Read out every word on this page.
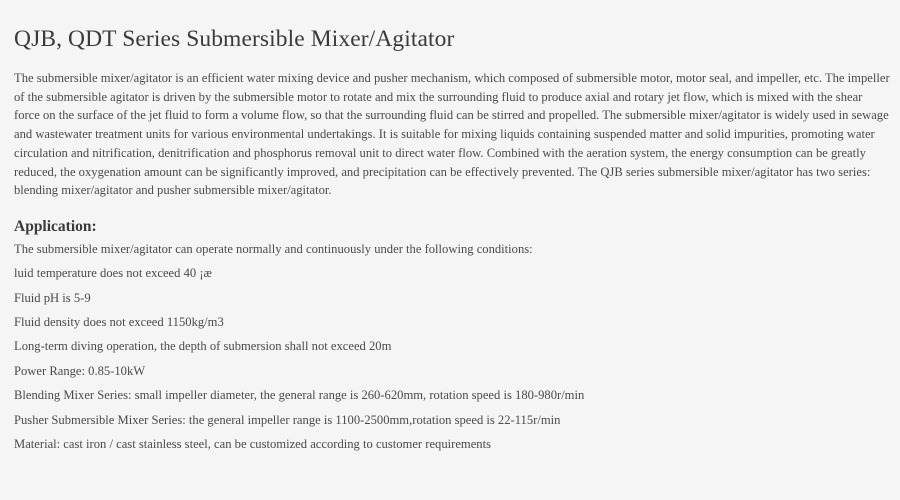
QJB, QDT Series Submersible Mixer/Agitator

The submersible mixer/agitator is an efficient water mixing device and pusher mechanism, which composed of submersible motor, motor seal, and impeller, etc. The impeller of the submersible agitator is driven by the submersible motor to rotate and mix the surrounding fluid to produce axial and rotary jet flow, which is mixed with the shear force on the surface of the jet fluid to form a volume flow, so that the surrounding fluid can be stirred and propelled. The submersible mixer/agitator is widely used in sewage and wastewater treatment units for various environmental undertakings. It is suitable for mixing liquids containing suspended matter and solid impurities, promoting water circulation and nitrification, denitrification and phosphorus removal unit to direct water flow. Combined with the aeration system, the energy consumption can be greatly reduced, the oxygenation amount can be significantly improved, and precipitation can be effectively prevented. The QJB series submersible mixer/agitator has two series: blending mixer/agitator and pusher submersible mixer/agitator.

Application:
The submersible mixer/agitator can operate normally and continuously under the following conditions:
luid temperature does not exceed 40 ¡æ
Fluid pH is 5-9
Fluid density does not exceed 1150kg/m3
Long-term diving operation, the depth of submersion shall not exceed 20m
Power Range: 0.85-10kW
Blending Mixer Series: small impeller diameter, the general range is 260-620mm, rotation speed is 180-980r/min
Pusher Submersible Mixer Series: the general impeller range is 1100-2500mm,rotation speed is 22-115r/min
Material: cast iron / cast stainless steel, can be customized according to customer requirements
